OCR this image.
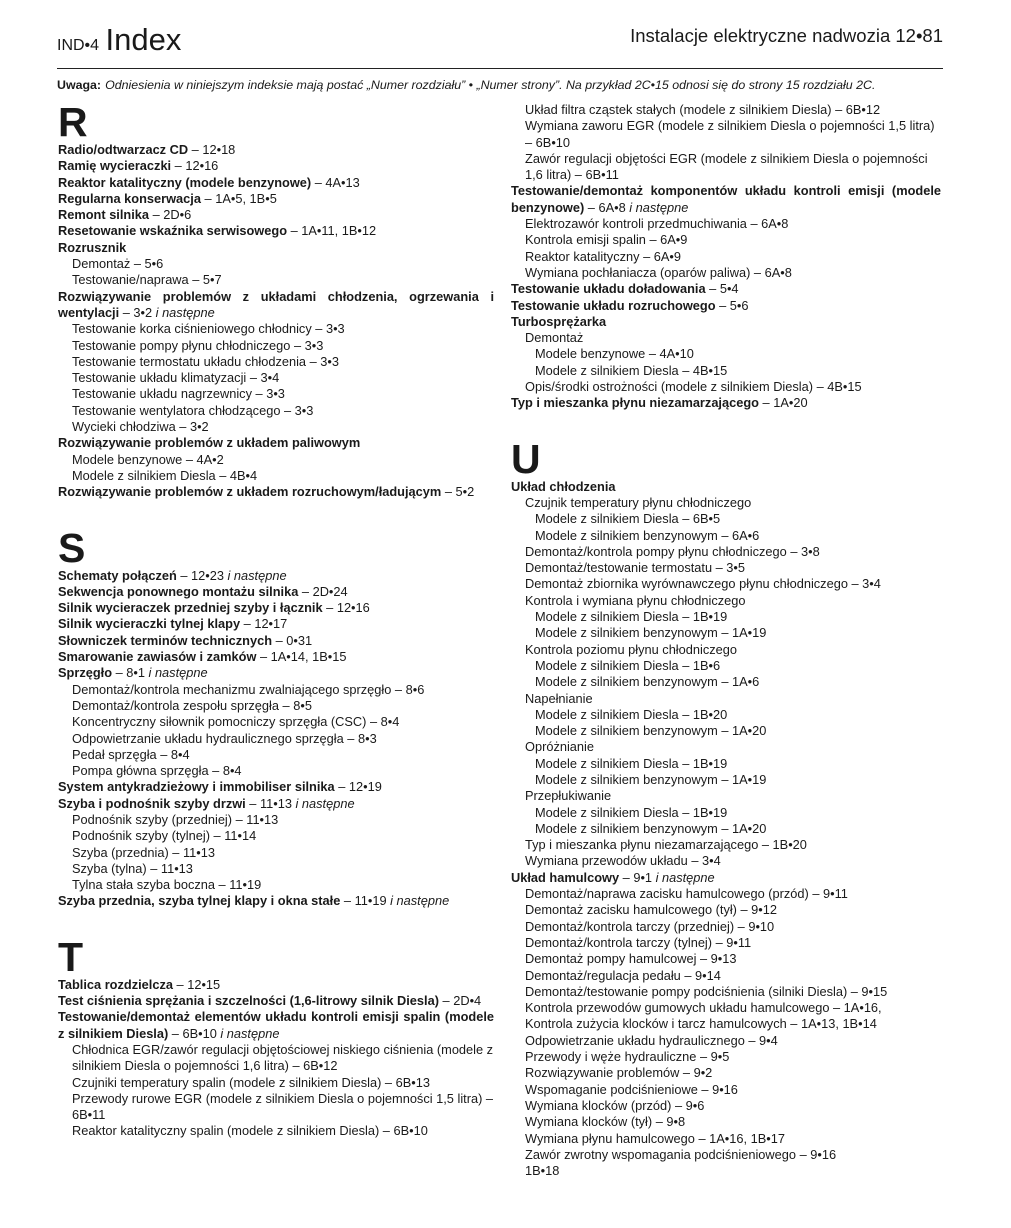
IND•4 Index	Instalacje elektryczne nadwozia 12•81
Uwaga: Odniesienia w niniejszym indeksie mają postać „Numer rozdziału” • „Numer strony”. Na przykład 2C•15 odnosi się do strony 15 rozdziału 2C.
R
Radio/odtwarzacz CD – 12•18
Ramię wycieraczki – 12•16
Reaktor katalityczny (modele benzynowe) – 4A•13
Regularna konserwacja – 1A•5, 1B•5
Remont silnika – 2D•6
Resetowanie wskaźnika serwisowego – 1A•11, 1B•12
Rozrusznik
Demontaż – 5•6
Testowanie/naprawa – 5•7
Rozwiązywanie problemów z układami chłodzenia, ogrzewania i wentylacji – 3•2 i następne
Testowanie korka ciśnieniowego chłodnicy – 3•3
Testowanie pompy płynu chłodniczego – 3•3
Testowanie termostatu układu chłodzenia – 3•3
Testowanie układu klimatyzacji – 3•4
Testowanie układu nagrzewnicy – 3•3
Testowanie wentylatora chłodzącego – 3•3
Wycieki chłodziwa – 3•2
Rozwiązywanie problemów z układem paliwowym
Modele benzynowe – 4A•2
Modele z silnikiem Diesla – 4B•4
Rozwiązywanie problemów z układem rozruchowym/ładującym – 5•2
S
Schematy połączeń – 12•23 i następne
Sekwencja ponownego montażu silnika – 2D•24
Silnik wycieraczek przedniej szyby i łącznik – 12•16
Silnik wycieraczki tylnej klapy – 12•17
Słowniczek terminów technicznych – 0•31
Smarowanie zawiasów i zamków – 1A•14, 1B•15
Sprzęgło – 8•1 i następne
Demontaż/kontrola mechanizmu zwalniającego sprzęgło – 8•6
Demontaż/kontrola zespołu sprzęgła – 8•5
Koncentryczny siłownik pomocniczy sprzęgła (CSC) – 8•4
Odpowietrzanie układu hydraulicznego sprzęgła – 8•3
Pedał sprzęgła – 8•4
Pompa główna sprzęgła – 8•4
System antykradzieżowy i immobiliser silnika – 12•19
Szyba i podnośnik szyby drzwi – 11•13 i następne
Podnośnik szyby (przedniej) – 11•13
Podnośnik szyby (tylnej) – 11•14
Szyba (przednia) – 11•13
Szyba (tylna) – 11•13
Tylna stała szyba boczna – 11•19
Szyba przednia, szyba tylnej klapy i okna stałe – 11•19 i następne
T
Tablica rozdzielcza – 12•15
Test ciśnienia sprężania i szczelności (1,6-litrowy silnik Diesla) – 2D•4
Testowanie/demontaż elementów układu kontroli emisji spalin (modele z silnikiem Diesla) – 6B•10 i następne
Chłodnica EGR/zawór regulacji objętościowej niskiego ciśnienia (modele z silnikiem Diesla o pojemności 1,6 litra) – 6B•12
Czujniki temperatury spalin (modele z silnikiem Diesla) – 6B•13
Przewody rurowe EGR (modele z silnikiem Diesla o pojemności 1,5 litra) – 6B•11
Reaktor katalityczny spalin (modele z silnikiem Diesla) – 6B•10
Układ filtra cząstek stałych (modele z silnikiem Diesla) – 6B•12
Wymiana zaworu EGR (modele z silnikiem Diesla o pojemności 1,5 litra) – 6B•10
Zawór regulacji objętości EGR (modele z silnikiem Diesla o pojemności 1,6 litra) – 6B•11
Testowanie/demontaż komponentów układu kontroli emisji (modele benzynowe) – 6A•8 i następne
Elektrozawór kontroli przedmuchiwania – 6A•8
Kontrola emisji spalin – 6A•9
Reaktor katalityczny – 6A•9
Wymiana pochłaniacza (oparów paliwa) – 6A•8
Testowanie układu doładowania – 5•4
Testowanie układu rozruchowego – 5•6
Turbosprężarka
Demontaż
Modele benzynowe – 4A•10
Modele z silnikiem Diesla – 4B•15
Opis/środki ostrożności (modele z silnikiem Diesla) – 4B•15
Typ i mieszanka płynu niezamarzającego – 1A•20
U
Układ chłodzenia
Czujnik temperatury płynu chłodniczego
Modele z silnikiem Diesla – 6B•5
Modele z silnikiem benzynowym – 6A•6
Demontaż/kontrola pompy płynu chłodniczego – 3•8
Demontaż/testowanie termostatu – 3•5
Demontaż zbiornika wyrównawczego płynu chłodniczego – 3•4
Kontrola i wymiana płynu chłodniczego
Modele z silnikiem Diesla – 1B•19
Modele z silnikiem benzynowym – 1A•19
Kontrola poziomu płynu chłodniczego
Modele z silnikiem Diesla – 1B•6
Modele z silnikiem benzynowym – 1A•6
Napełnianie
Modele z silnikiem Diesla – 1B•20
Modele z silnikiem benzynowym – 1A•20
Opróżnianie
Modele z silnikiem Diesla – 1B•19
Modele z silnikiem benzynowym – 1A•19
Przepłukiwanie
Modele z silnikiem Diesla – 1B•19
Modele z silnikiem benzynowym – 1A•20
Typ i mieszanka płynu niezamarzającego – 1B•20
Wymiana przewodów układu – 3•4
Układ hamulcowy – 9•1 i następne
Demontaż/naprawa zacisku hamulcowego (przód) – 9•11
Demontaż zacisku hamulcowego (tył) – 9•12
Demontaż/kontrola tarczy (przedniej) – 9•10
Demontaż/kontrola tarczy (tylnej) – 9•11
Demontaż pompy hamulcowej – 9•13
Demontaż/regulacja pedału – 9•14
Demontaż/testowanie pompy podciśnienia (silniki Diesla) – 9•15
Kontrola przewodów gumowych układu hamulcowego – 1A•16,
Kontrola zużycia klocków i tarcz hamulcowych – 1A•13, 1B•14
Odpowietrzanie układu hydraulicznego – 9•4
Przewody i węże hydrauliczne – 9•5
Rozwiązywanie problemów – 9•2
Wspomaganie podciśnieniowe – 9•16
Wymiana klocków (przód) – 9•6
Wymiana klocków (tył) – 9•8
Wymiana płynu hamulcowego – 1A•16, 1B•17
Zawór zwrotny wspomagania podciśnieniowego – 9•16
1B•18
